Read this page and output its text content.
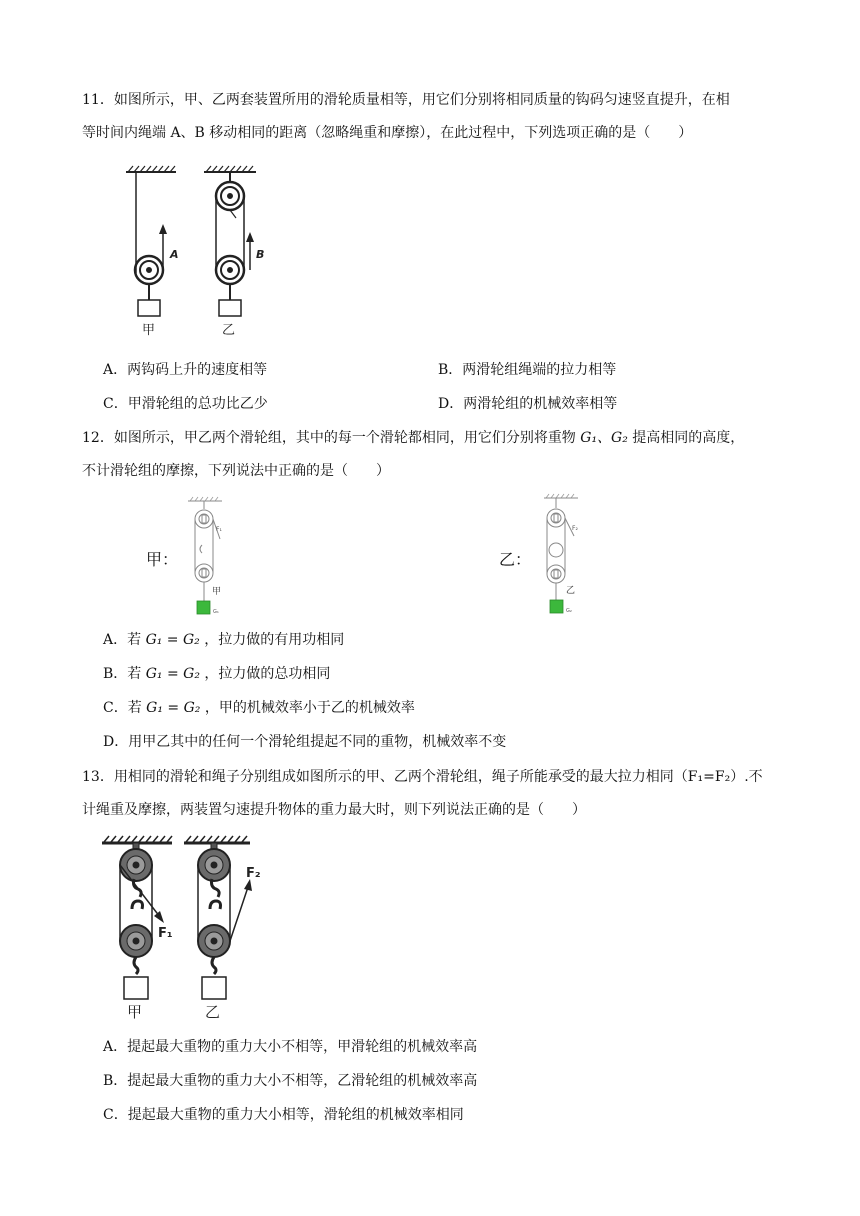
11．如图所示，甲、乙两套装置所用的滑轮质量相等，用它们分别将相同质量的钩码匀速竖直提升，在相
等时间内绳端 A、B 移动相同的距离（忽略绳重和摩擦），在此过程中，下列选项正确的是（　　）
A	B
甲	乙
A．两钩码上升的速度相等	B．两滑轮组绳端的拉力相等
C．甲滑轮组的总功比乙少	D．两滑轮组的机械效率相等
12．如图所示，甲乙两个滑轮组，其中的每一个滑轮都相同，用它们分别将重物 G₁、G₂ 提高相同的高度，
不计滑轮组的摩擦，下列说法中正确的是（　　）
甲：
F₁
甲
G₁
乙：
F₂
乙
G₂
A．若 G₁ = G₂ ，拉力做的有用功相同
B．若 G₁ = G₂ ，拉力做的总功相同
C．若 G₁ = G₂ ，甲的机械效率小于乙的机械效率
D．用甲乙其中的任何一个滑轮组提起不同的重物，机械效率不变
13．用相同的滑轮和绳子分别组成如图所示的甲、乙两个滑轮组，绳子所能承受的最大拉力相同（F₁=F₂）.不
计绳重及摩擦，两装置匀速提升物体的重力最大时，则下列说法正确的是（　　）
F₁
F₂
甲	乙
A．提起最大重物的重力大小不相等，甲滑轮组的机械效率高
B．提起最大重物的重力大小不相等，乙滑轮组的机械效率高
C．提起最大重物的重力大小相等，滑轮组的机械效率相同
